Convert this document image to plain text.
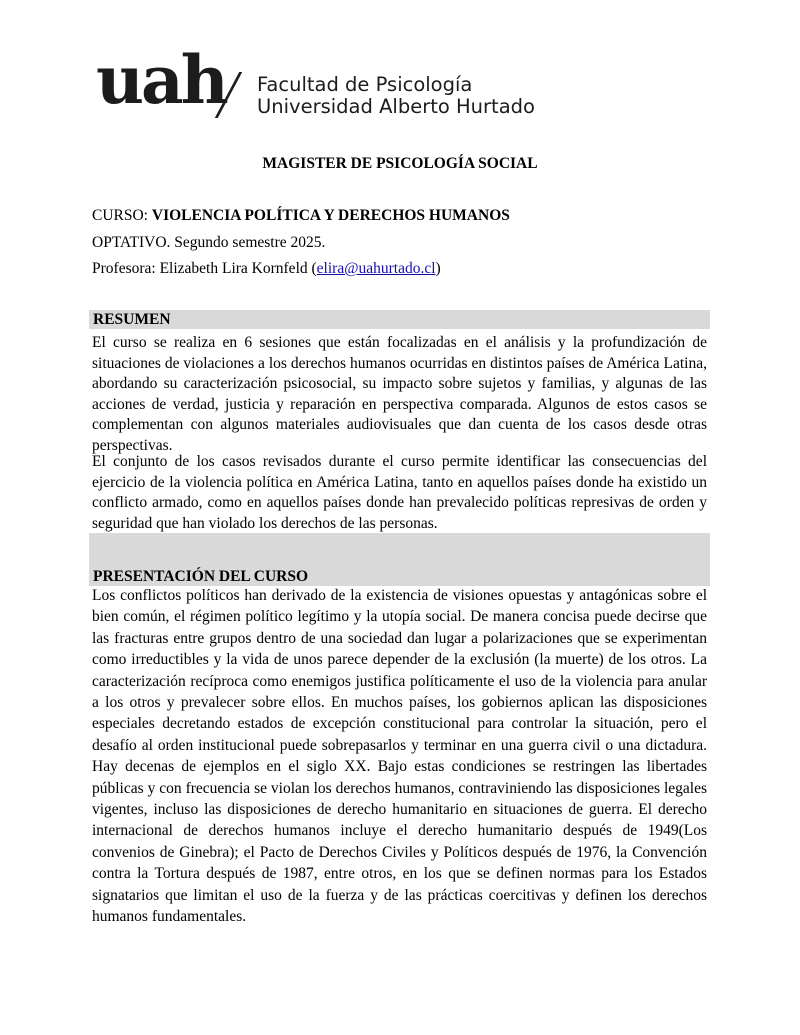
uah Facultad de Psicología
Universidad Alberto Hurtado
MAGISTER DE PSICOLOGÍA SOCIAL
CURSO: VIOLENCIA POLÍTICA Y DERECHOS HUMANOS
OPTATIVO. Segundo semestre 2025.
Profesora: Elizabeth Lira Kornfeld (elira@uahurtado.cl)
RESUMEN

El curso se realiza en 6 sesiones que están focalizadas en el análisis y la profundización de situaciones de violaciones a los derechos humanos ocurridas en distintos países de América Latina, abordando su caracterización psicosocial, su impacto sobre sujetos y familias, y algunas de las acciones de verdad, justicia y reparación en perspectiva comparada. Algunos de estos casos se complementan con algunos materiales audiovisuales que dan cuenta de los casos desde otras perspectivas.

El conjunto de los casos revisados durante el curso permite identificar las consecuencias del ejercicio de la violencia política en América Latina, tanto en aquellos países donde ha existido un conflicto armado, como en aquellos países donde han prevalecido políticas represivas de orden y seguridad que han violado los derechos de las personas.

PRESENTACIÓN DEL CURSO

Los conflictos políticos han derivado de la existencia de visiones opuestas y antagónicas sobre el bien común, el régimen político legítimo y la utopía social. De manera concisa puede decirse que las fracturas entre grupos dentro de una sociedad dan lugar a polarizaciones que se experimentan como irreductibles y la vida de unos parece depender de la exclusión (la muerte) de los otros. La caracterización recíproca como enemigos justifica políticamente el uso de la violencia para anular a los otros y prevalecer sobre ellos. En muchos países, los gobiernos aplican las disposiciones especiales decretando estados de excepción constitucional para controlar la situación, pero el desafío al orden institucional puede sobrepasarlos y terminar en una guerra civil o una dictadura. Hay decenas de ejemplos en el siglo XX. Bajo estas condiciones se restringen las libertades públicas y con frecuencia se violan los derechos humanos, contraviniendo las disposiciones legales vigentes, incluso las disposiciones de derecho humanitario en situaciones de guerra. El derecho internacional de derechos humanos incluye el derecho humanitario después de 1949(Los convenios de Ginebra); el Pacto de Derechos Civiles y Políticos después de 1976, la Convención contra la Tortura después de 1987, entre otros, en los que se definen normas para los Estados signatarios que limitan el uso de la fuerza y de las prácticas coercitivas y definen los derechos humanos fundamentales.
